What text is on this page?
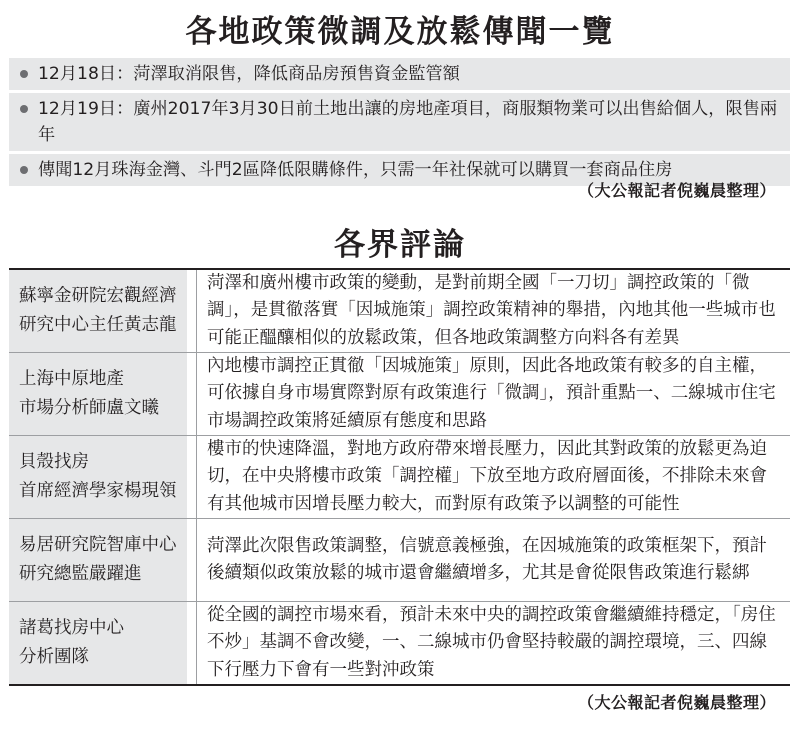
各地政策微調及放鬆傳聞一覽
12月18日：菏澤取消限售，降低商品房預售資金監管額
12月19日：廣州2017年3月30日前土地出讓的房地產項目，商服類物業可以出售給個人，限售兩年
傳聞12月珠海金灣、斗門2區降低限購條件，只需一年社保就可以購買一套商品住房
（大公報記者倪巍晨整理）
各界評論
蘇寧金研院宏觀經濟
研究中心主任黃志龍
菏澤和廣州樓市政策的變動，是對前期全國「一刀切」調控政策的「微調」，是貫徹落實「因城施策」調控政策精神的舉措，內地其他一些城市也可能正醞釀相似的放鬆政策，但各地政策調整方向料各有差異
上海中原地產
市場分析師盧文曦
內地樓市調控正貫徹「因城施策」原則，因此各地政策有較多的自主權，可依據自身市場實際對原有政策進行「微調」，預計重點一、二線城市住宅市場調控政策將延續原有態度和思路
貝殼找房
首席經濟學家楊現領
樓市的快速降溫，對地方政府帶來增長壓力，因此其對政策的放鬆更為迫切，在中央將樓市政策「調控權」下放至地方政府層面後，不排除未來會有其他城市因增長壓力較大，而對原有政策予以調整的可能性
易居研究院智庫中心
研究總監嚴躍進
菏澤此次限售政策調整，信號意義極強，在因城施策的政策框架下，預計後續類似政策放鬆的城市還會繼續增多，尤其是會從限售政策進行鬆綁
諸葛找房中心
分析團隊
從全國的調控市場來看，預計未來中央的調控政策會繼續維持穩定，「房住不炒」基調不會改變，一、二線城市仍會堅持較嚴的調控環境，三、四線下行壓力下會有一些對沖政策
（大公報記者倪巍晨整理）
